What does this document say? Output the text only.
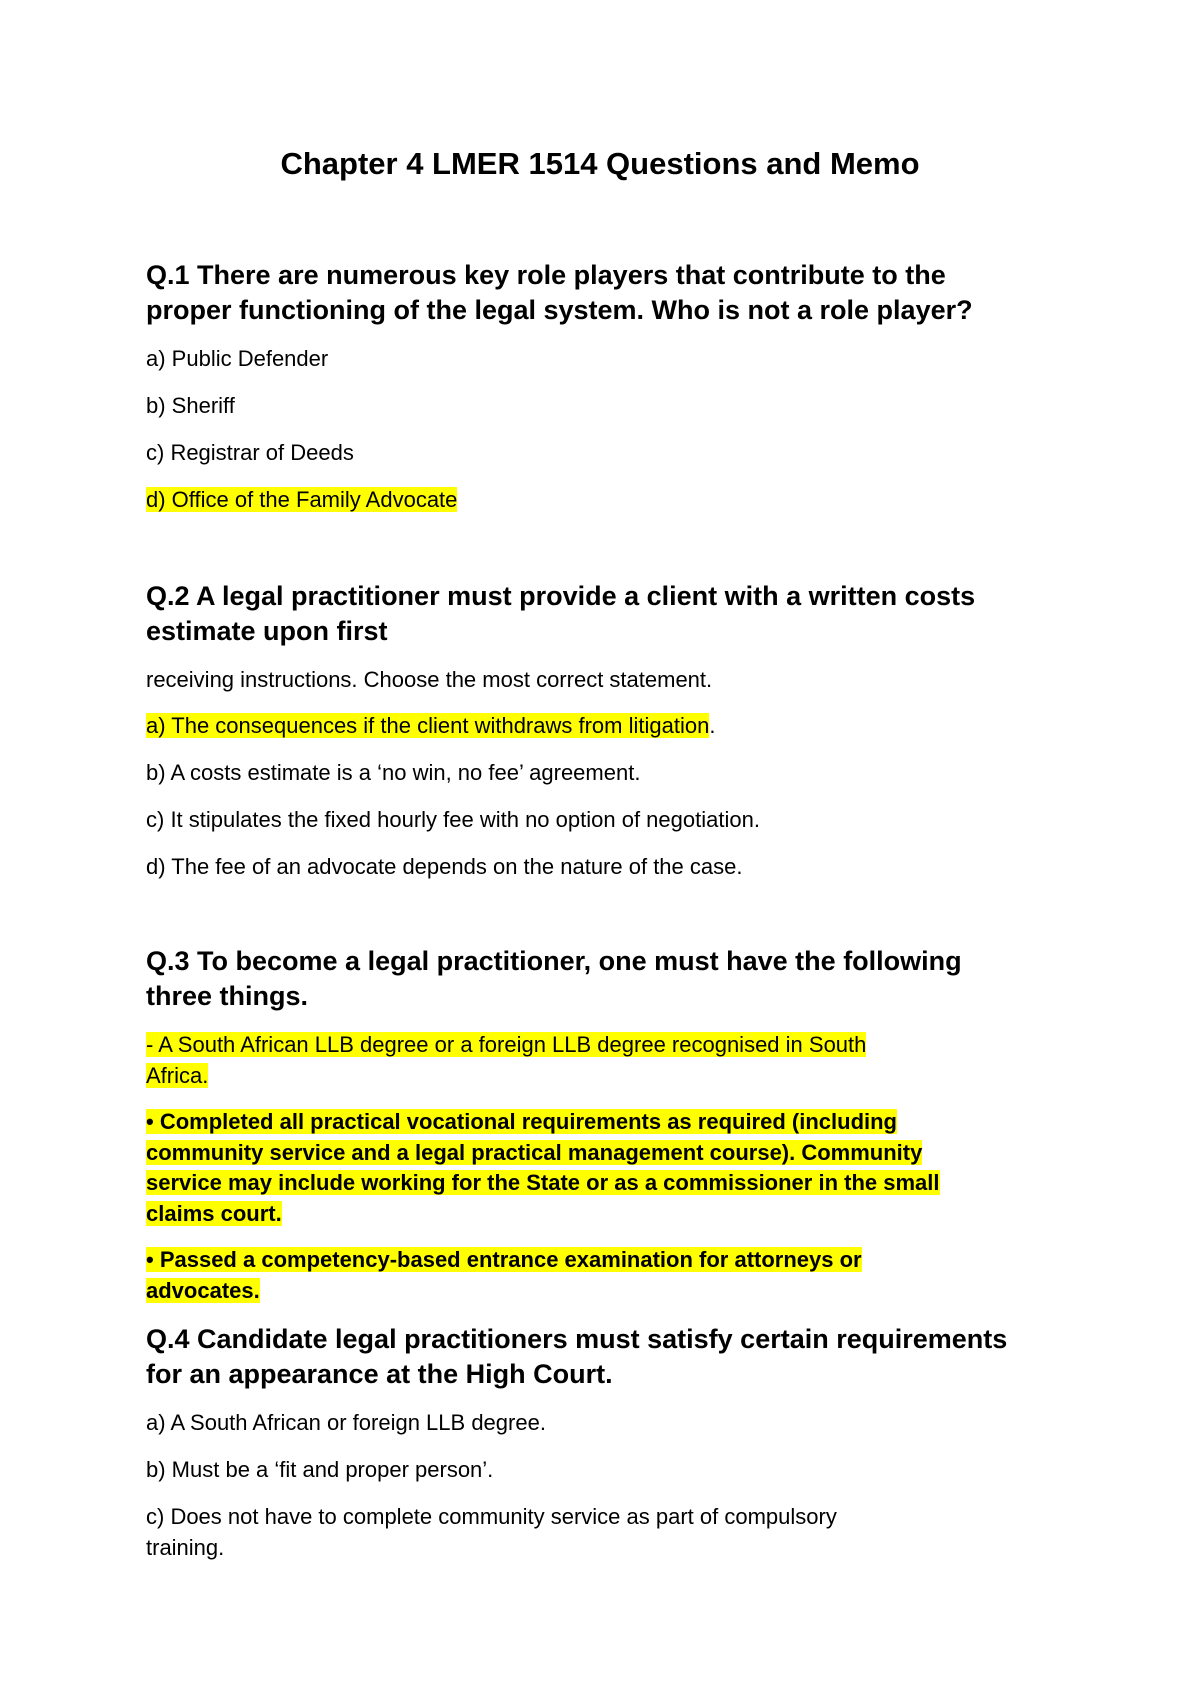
Chapter 4 LMER 1514 Questions and Memo

Q.1 There are numerous key role players that contribute to the
proper functioning of the legal system. Who is not a role player?

a) Public Defender

b) Sheriff

c) Registrar of Deeds

d) Office of the Family Advocate

Q.2 A legal practitioner must provide a client with a written costs
estimate upon first

receiving instructions. Choose the most correct statement.

a) The consequences if the client withdraws from litigation.

b) A costs estimate is a ‘no win, no fee’ agreement.

c) It stipulates the fixed hourly fee with no option of negotiation.

d) The fee of an advocate depends on the nature of the case.

Q.3 To become a legal practitioner, one must have the following
three things.

- A South African LLB degree or a foreign LLB degree recognised in South
Africa.

• Completed all practical vocational requirements as required (including
community service and a legal practical management course). Community
service may include working for the State or as a commissioner in the small
claims court.

• Passed a competency-based entrance examination for attorneys or
advocates.

Q.4 Candidate legal practitioners must satisfy certain requirements
for an appearance at the High Court.

a) A South African or foreign LLB degree.

b) Must be a ‘fit and proper person’.

c) Does not have to complete community service as part of compulsory
training.
